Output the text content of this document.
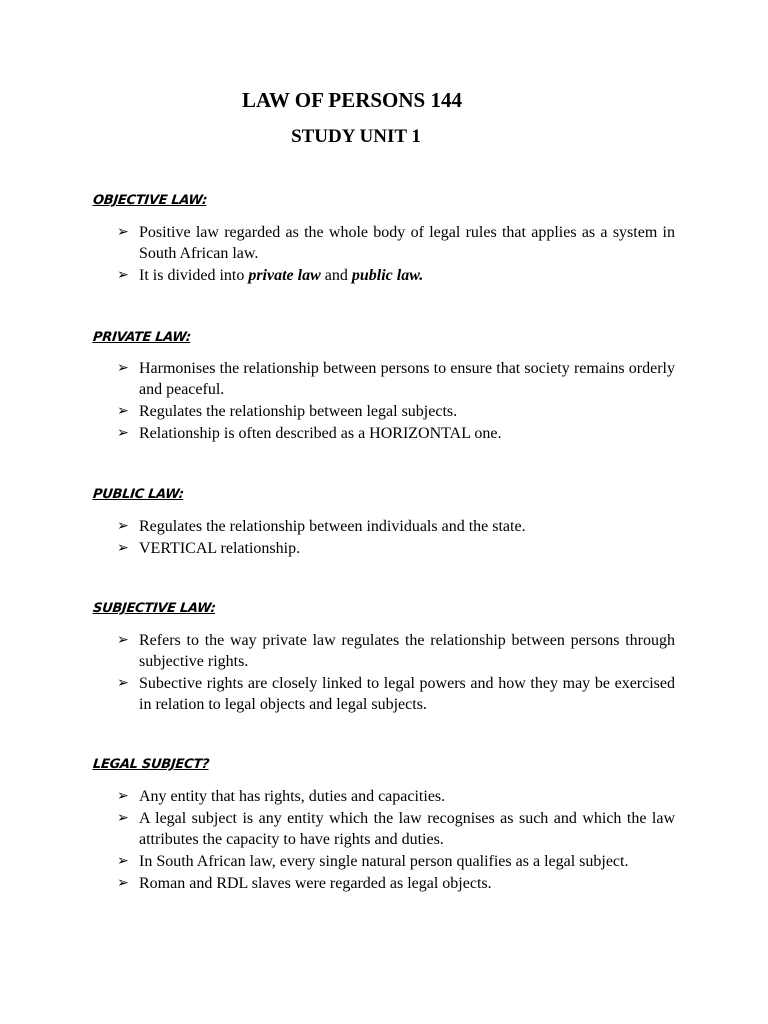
LAW OF PERSONS 144
STUDY UNIT 1

OBJECTIVE LAW:

➢ Positive law regarded as the whole body of legal rules that applies as a system in South African law.
➢ It is divided into private law and public law.

PRIVATE LAW:

➢ Harmonises the relationship between persons to ensure that society remains orderly and peaceful.
➢ Regulates the relationship between legal subjects.
➢ Relationship is often described as a HORIZONTAL one.

PUBLIC LAW:

➢ Regulates the relationship between individuals and the state.
➢ VERTICAL relationship.

SUBJECTIVE LAW:

➢ Refers to the way private law regulates the relationship between persons through subjective rights.
➢ Subective rights are closely linked to legal powers and how they may be exercised in relation to legal objects and legal subjects.

LEGAL SUBJECT?

➢ Any entity that has rights, duties and capacities.
➢ A legal subject is any entity which the law recognises as such and which the law attributes the capacity to have rights and duties.
➢ In South African law, every single natural person qualifies as a legal subject.
➢ Roman and RDL slaves were regarded as legal objects.
